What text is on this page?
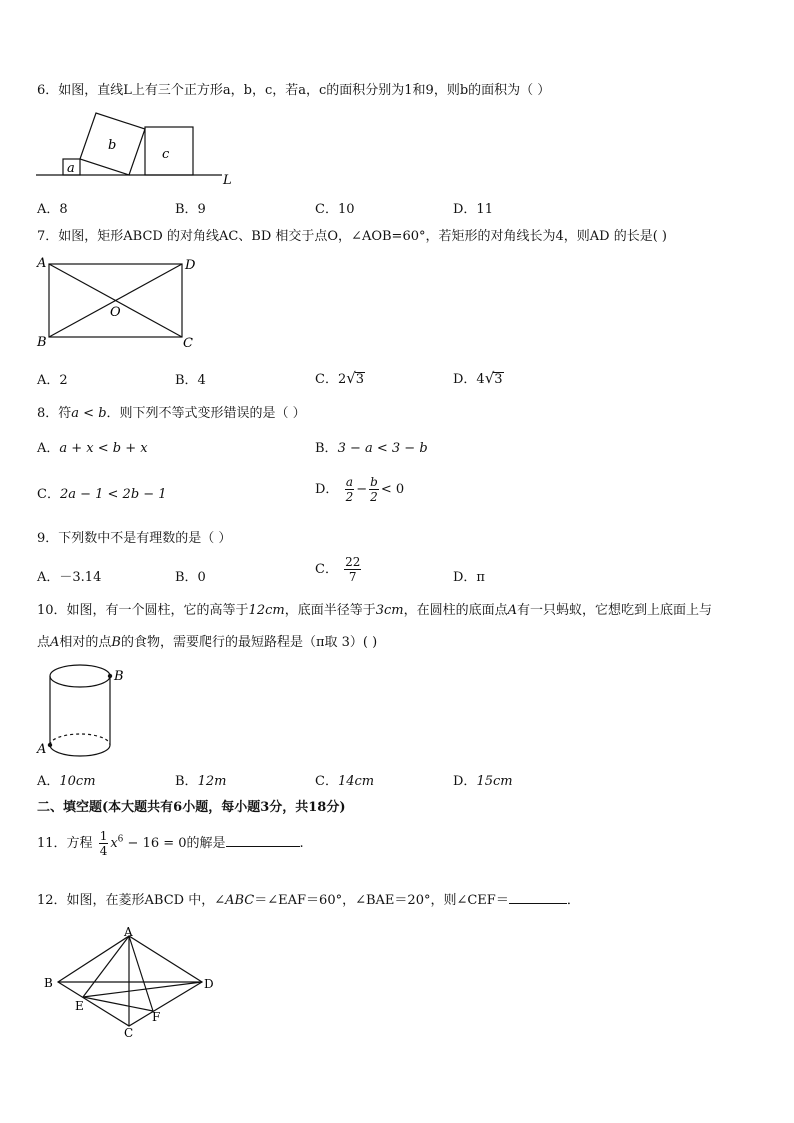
6．如图，直线L上有三个正方形a，b，c，若a，c的面积分别为1和9，则b的面积为（ ）
a
b
c
L
A．8	B．9	C．10	D．11
7．如图，矩形ABCD 的对角线AC、BD 相交于点O，∠AOB=60°，若矩形的对角线长为4，则AD 的长是( )
A	D
B	C
O
A．2	B．4	C．2√3	D．4√3
8．符a < b．则下列不等式变形错误的是（ ）
A．a + x < b + x	B．3 − a < 3 − b
C．2a − 1 < 2b − 1	D． $\frac{a}{2} - \frac{b}{2} < 0$
9．下列数中不是有理数的是（ ）
A．－3.14	B．0
C． $\frac{22}{7}$	D．π
10．如图，有一个圆柱，它的高等于12cm，底面半径等于3cm，在圆柱的底面点A有一只蚂蚁，它想吃到上底面上与
点A相对的点B的食物，需要爬行的最短路程是（π取 3）( )
B
A
A．10cm	B．12m	C．14cm	D．15cm
二、填空题(本大题共有6小题，每小题3分，共18分)
11．方程 $\frac{1}{4} x^6 - 16 = 0$的解是	.
12．如图，在菱形ABCD 中，∠ABC＝∠EAF＝60°，∠BAE＝20°，则∠CEF＝	．
A
B	D
E
F
C
